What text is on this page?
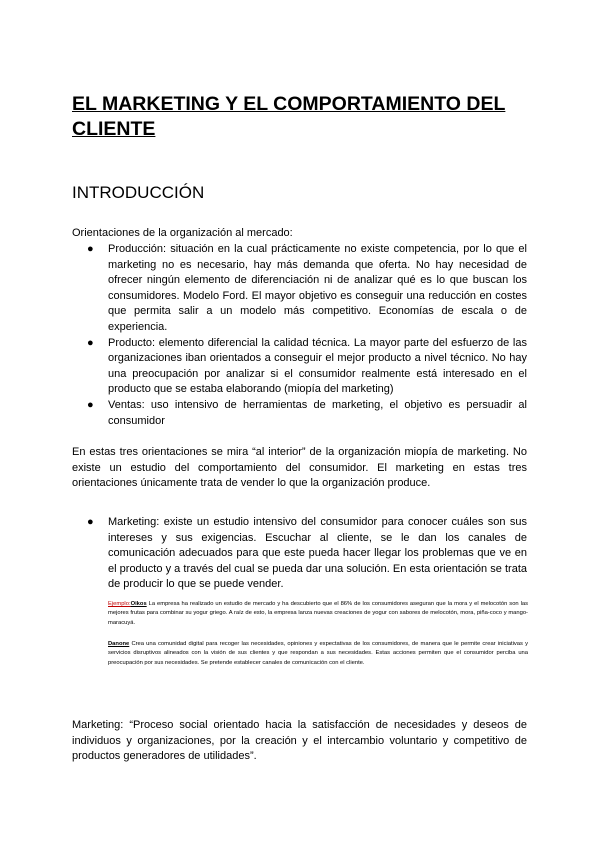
EL MARKETING Y EL COMPORTAMIENTO DEL CLIENTE
INTRODUCCIÓN

Orientaciones de la organización al mercado:

● Producción: situación en la cual prácticamente no existe competencia, por lo que el marketing no es necesario, hay más demanda que oferta. No hay necesidad de ofrecer ningún elemento de diferenciación ni de analizar qué es lo que buscan los consumidores. Modelo Ford. El mayor objetivo es conseguir una reducción en costes que permita salir a un modelo más competitivo. Economías de escala o de experiencia.
● Producto: elemento diferencial la calidad técnica. La mayor parte del esfuerzo de las organizaciones iban orientados a conseguir el mejor producto a nivel técnico. No hay una preocupación por analizar si el consumidor realmente está interesado en el producto que se estaba elaborando (miopía del marketing)
● Ventas: uso intensivo de herramientas de marketing, el objetivo es persuadir al consumidor

En estas tres orientaciones se mira “al interior” de la organización miopía de marketing. No existe un estudio del comportamiento del consumidor. El marketing en estas tres orientaciones únicamente trata de vender lo que la organización produce.

● Marketing: existe un estudio intensivo del consumidor para conocer cuáles son sus intereses y sus exigencias. Escuchar al cliente, se le dan los canales de comunicación adecuados para que este pueda hacer llegar los problemas que ve en el producto y a través del cual se pueda dar una solución. En esta orientación se trata de producir lo que se puede vender.

Ejemplo:Oikos La empresa ha realizado un estudio de mercado y ha descubierto que el 86% de los consumidores aseguran que la mora y el melocotón son las mejores frutas para combinar su yogur griego. A raíz de esto, la empresa lanza nuevas creaciones de yogur con sabores de melocotón, mora, piña-coco y mango-maracuyá.

Danone Crea una comunidad digital para recoger las necesidades, opiniones y expectativas de los consumidores, de manera que le permite crear iniciativas y servicios disruptivos alineados con la visión de sus clientes y que respondan a sus necesidades. Estas acciones permiten que el consumidor perciba una preocupación por sus necesidades. Se pretende establecer canales de comunicación con el cliente.

Marketing: “Proceso social orientado hacia la satisfacción de necesidades y deseos de individuos y organizaciones, por la creación y el intercambio voluntario y competitivo de productos generadores de utilidades”.
